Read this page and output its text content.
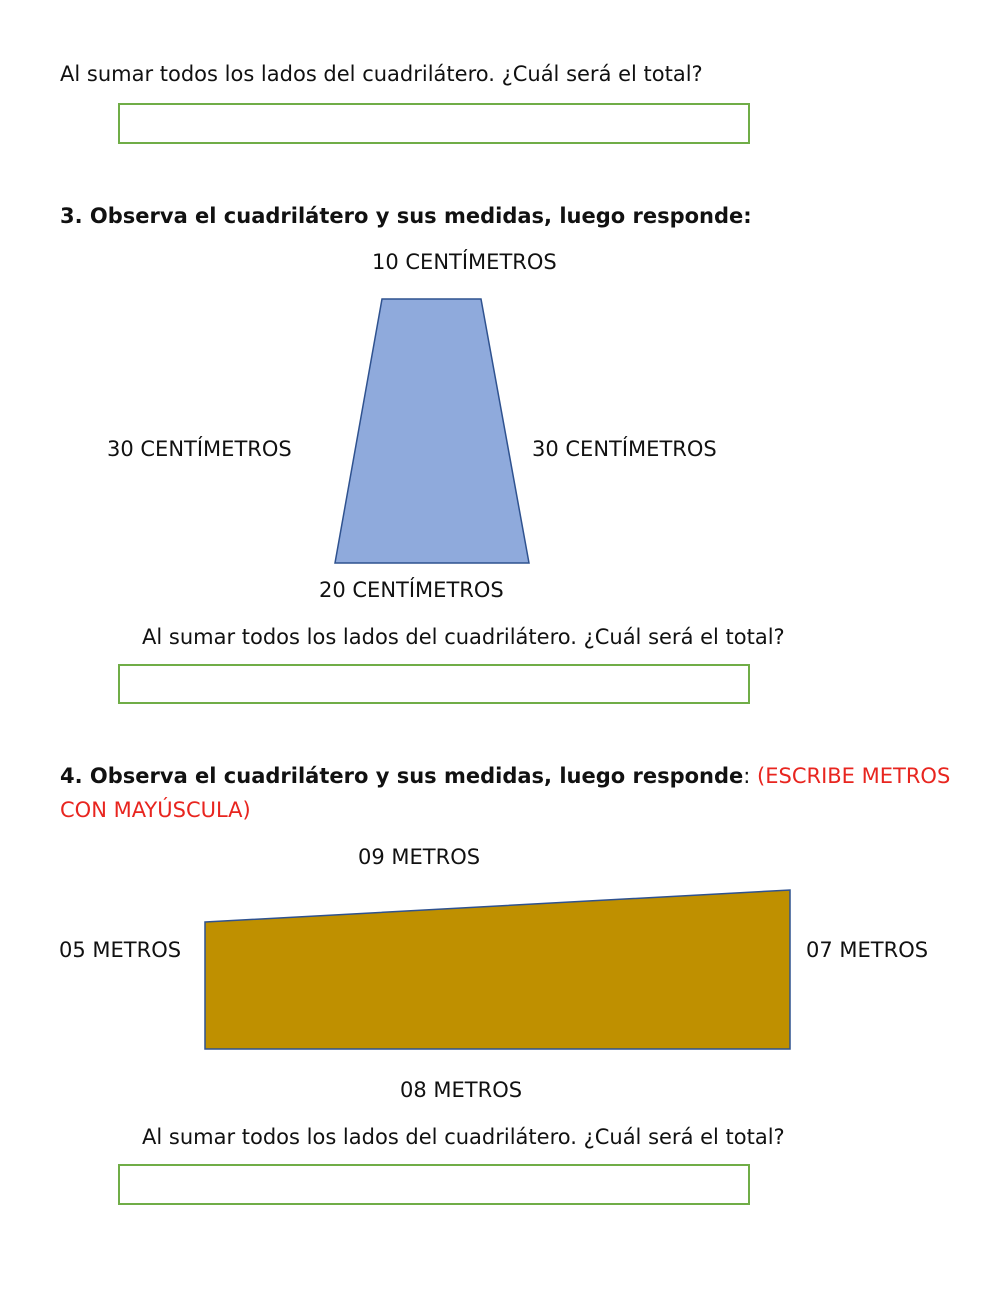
Al sumar todos los lados del cuadrilátero. ¿Cuál será el total?
3. Observa el cuadrilátero y sus medidas, luego responde:
10 CENTÍMETROS
30 CENTÍMETROS	30 CENTÍMETROS
20 CENTÍMETROS
Al sumar todos los lados del cuadrilátero. ¿Cuál será el total?
4. Observa el cuadrilátero y sus medidas, luego responde: (ESCRIBE METROS
CON MAYÚSCULA)
09 METROS
05 METROS	07 METROS
08 METROS
Al sumar todos los lados del cuadrilátero. ¿Cuál será el total?
